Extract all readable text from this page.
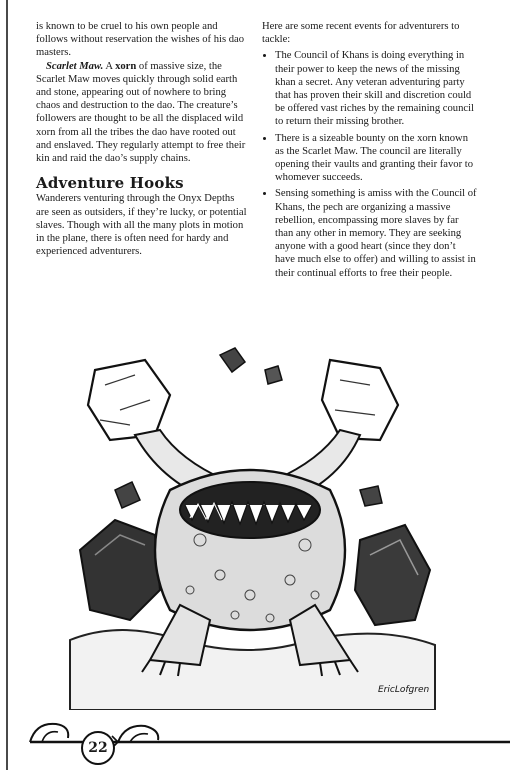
is known to be cruel to his own people and follows without reservation the wishes of his dao masters.

Scarlet Maw. A xorn of massive size, the Scarlet Maw moves quickly through solid earth and stone, appearing out of nowhere to bring chaos and destruction to the dao. The creature’s followers are thought to be all the displaced wild xorn from all the tribes the dao have rooted out and enslaved. They regularly attempt to free their kin and raid the dao’s supply chains.

Adventure Hooks

Wanderers venturing through the Onyx Depths are seen as outsiders, if they’re lucky, or potential slaves. Though with all the many plots in motion in the plane, there is often need for hardy and experienced adventurers.

Here are some recent events for adventurers to tackle:

• The Council of Khans is doing everything in their power to keep the news of the missing khan a secret. Any veteran adventuring party that has proven their skill and discretion could be offered vast riches by the remaining council to return their missing brother.
• There is a sizeable bounty on the xorn known as the Scarlet Maw. The council are literally opening their vaults and granting their favor to whomever succeeds.
• Sensing something is amiss with the Council of Khans, the pech are organizing a massive rebellion, encompassing more slaves by far than any other in memory. They are seeking anyone with a good heart (since they don’t have much else to offer) and willing to assist in their continual efforts to free their people.
EricLofgren
22
